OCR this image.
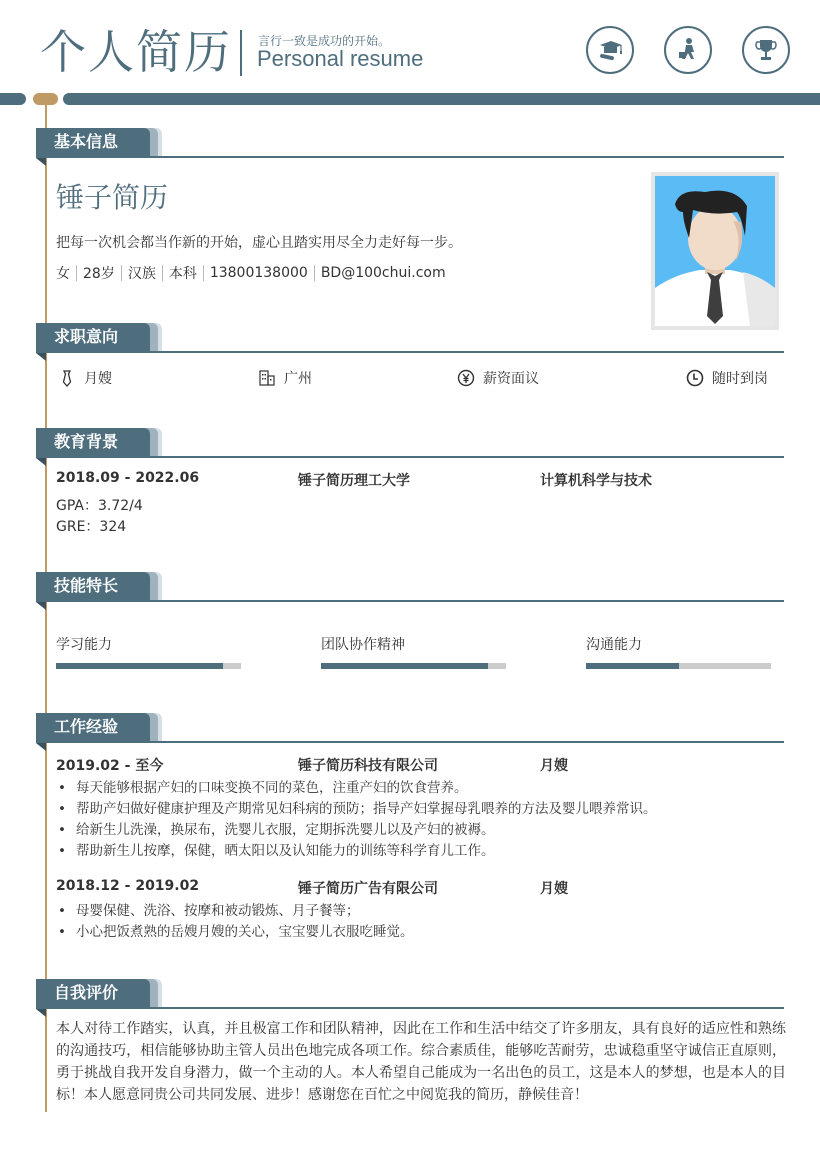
个人简历 言行一致是成功的开始。
Personal resume
基本信息
锤子简历
把每一次机会都当作新的开始，虚心且踏实用尽全力走好每一步。
女 28岁 汉族 本科 13800138000 BD@100chui.com
求职意向
月嫂	广州	薪资面议	随时到岗
教育背景
2018.09 - 2022.06	锤子简历理工大学	计算机科学与技术
GPA：3.72/4
GRE：324
技能特长
学习能力	团队协作精神	沟通能力
工作经验
2019.02 - 至今	锤子简历科技有限公司	月嫂
• 每天能够根据产妇的口味变换不同的菜色，注重产妇的饮食营养。
• 帮助产妇做好健康护理及产期常见妇科病的预防；指导产妇掌握母乳喂养的方法及婴儿喂养常识。
• 给新生儿洗澡，换尿布，洗婴儿衣服，定期拆洗婴儿以及产妇的被褥。
• 帮助新生儿按摩，保健，晒太阳以及认知能力的训练等科学育儿工作。
2018.12 - 2019.02	锤子简历广告有限公司	月嫂
• 母婴保健、洗浴、按摩和被动锻炼、月子餐等；
• 小心把饭煮熟的岳嫂月嫂的关心，宝宝婴儿衣服吃睡觉。
自我评价
本人对待工作踏实，认真，并且极富工作和团队精神，因此在工作和生活中结交了许多朋友，具有良好的适应性和熟练的沟通技巧，相信能够协助主管人员出色地完成各项工作。综合素质佳，能够吃苦耐劳，忠诚稳重坚守诚信正直原则，勇于挑战自我开发自身潜力，做一个主动的人。本人希望自己能成为一名出色的员工，这是本人的梦想，也是本人的目标！本人愿意同贵公司共同发展、进步！感谢您在百忙之中阅览我的简历，静候佳音！
